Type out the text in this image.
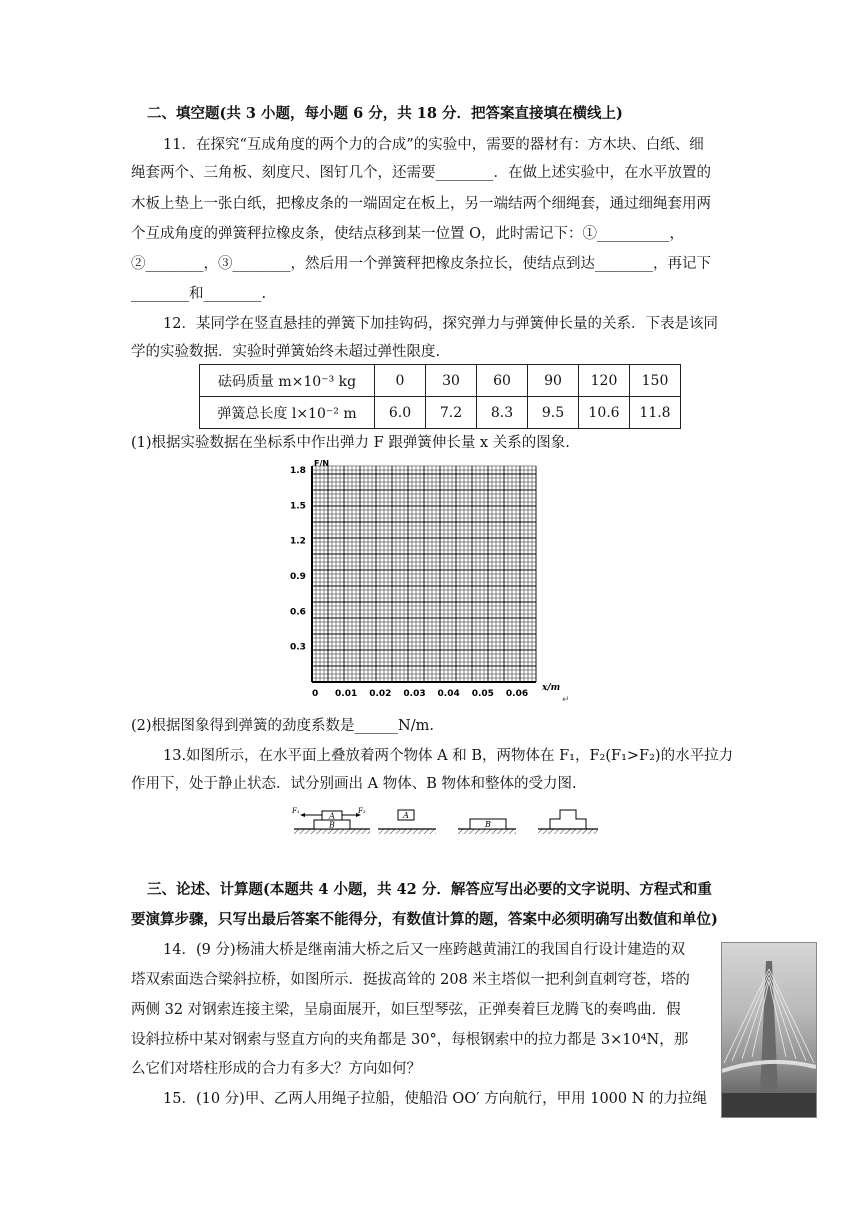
二、填空题(共 3 小题，每小题 6 分，共 18 分．把答案直接填在横线上)
11．在探究“互成角度的两个力的合成”的实验中，需要的器材有：方木块、白纸、细
绳套两个、三角板、刻度尺、图钉几个，还需要________．在做上述实验中，在水平放置的
木板上垫上一张白纸，把橡皮条的一端固定在板上，另一端结两个细绳套，通过细绳套用两
个互成角度的弹簧秤拉橡皮条，使结点移到某一位置 O，此时需记下：①__________，
②________，③________，然后用一个弹簧秤把橡皮条拉长，使结点到达________，再记下
________和________.
12．某同学在竖直悬挂的弹簧下加挂钩码，探究弹力与弹簧伸长量的关系．下表是该同
学的实验数据．实验时弹簧始终未超过弹性限度.
砝码质量 m×10⁻³ kg	0	30	60	90	120	150
弹簧总长度 l×10⁻² m	6.0	7.2	8.3	9.5	10.6	11.8
(1)根据实验数据在坐标系中作出弹力 F 跟弹簧伸长量 x 关系的图象.
F/N
x/m
↵
1.8
1.5
1.2
0.9
0.6
0.3
0 0.01 0.02 0.03 0.04 0.05 0.06
(2)根据图象得到弹簧的劲度系数是______N/m.
13.如图所示，在水平面上叠放着两个物体 A 和 B，两物体在 F₁，F₂(F₁>F₂)的水平拉力
作用下，处于静止状态．试分别画出 A 物体、B 物体和整体的受力图.
A
B
F₁	F₂	A
B
三、论述、计算题(本题共 4 小题，共 42 分．解答应写出必要的文字说明、方程式和重
要演算步骤，只写出最后答案不能得分，有数值计算的题，答案中必须明确写出数值和单位)
14．(9 分)杨浦大桥是继南浦大桥之后又一座跨越黄浦江的我国自行设计建造的双
塔双索面迭合梁斜拉桥，如图所示．挺拔高耸的 208 米主塔似一把利剑直刺穹苍，塔的
两侧 32 对钢索连接主梁，呈扇面展开，如巨型琴弦，正弹奏着巨龙腾飞的奏鸣曲．假
设斜拉桥中某对钢索与竖直方向的夹角都是 30°，每根钢索中的拉力都是 3×10⁴N，那
么它们对塔柱形成的合力有多大？方向如何？
15．(10 分)甲、乙两人用绳子拉船，使船沿 OO′ 方向航行，甲用 1000 N 的力拉绳
